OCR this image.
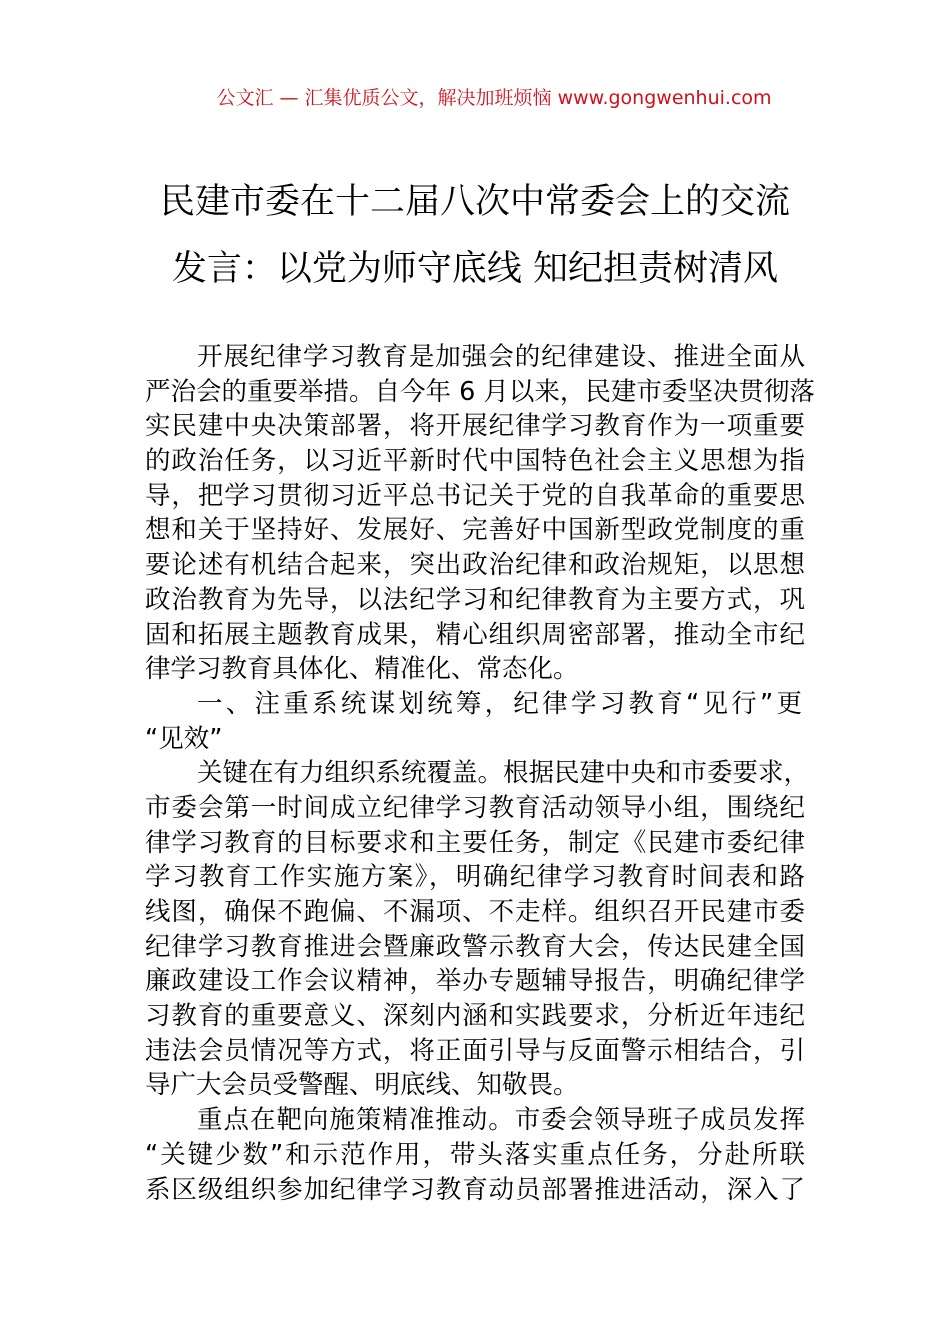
公文汇 — 汇集优质公文，解决加班烦恼 www.gongwenhui.com
民建市委在十二届八次中常委会上的交流
发言：以党为师守底线 知纪担责树清风
开展纪律学习教育是加强会的纪律建设、推进全面从
严治会的重要举措。自今年 6 月以来，民建市委坚决贯彻落
实民建中央决策部署，将开展纪律学习教育作为一项重要
的政治任务，以习近平新时代中国特色社会主义思想为指
导，把学习贯彻习近平总书记关于党的自我革命的重要思
想和关于坚持好、发展好、完善好中国新型政党制度的重
要论述有机结合起来，突出政治纪律和政治规矩，以思想
政治教育为先导，以法纪学习和纪律教育为主要方式，巩
固和拓展主题教育成果，精心组织周密部署，推动全市纪
律学习教育具体化、精准化、常态化。
一、注重系统谋划统筹，纪律学习教育“见行”更
“见效”
关键在有力组织系统覆盖。根据民建中央和市委要求，
市委会第一时间成立纪律学习教育活动领导小组，围绕纪
律学习教育的目标要求和主要任务，制定《民建市委纪律
学习教育工作实施方案》，明确纪律学习教育时间表和路
线图，确保不跑偏、不漏项、不走样。组织召开民建市委
纪律学习教育推进会暨廉政警示教育大会，传达民建全国
廉政建设工作会议精神，举办专题辅导报告，明确纪律学
习教育的重要意义、深刻内涵和实践要求，分析近年违纪
违法会员情况等方式，将正面引导与反面警示相结合，引
导广大会员受警醒、明底线、知敬畏。
重点在靶向施策精准推动。市委会领导班子成员发挥
“关键少数”和示范作用，带头落实重点任务，分赴所联
系区级组织参加纪律学习教育动员部署推进活动，深入了
